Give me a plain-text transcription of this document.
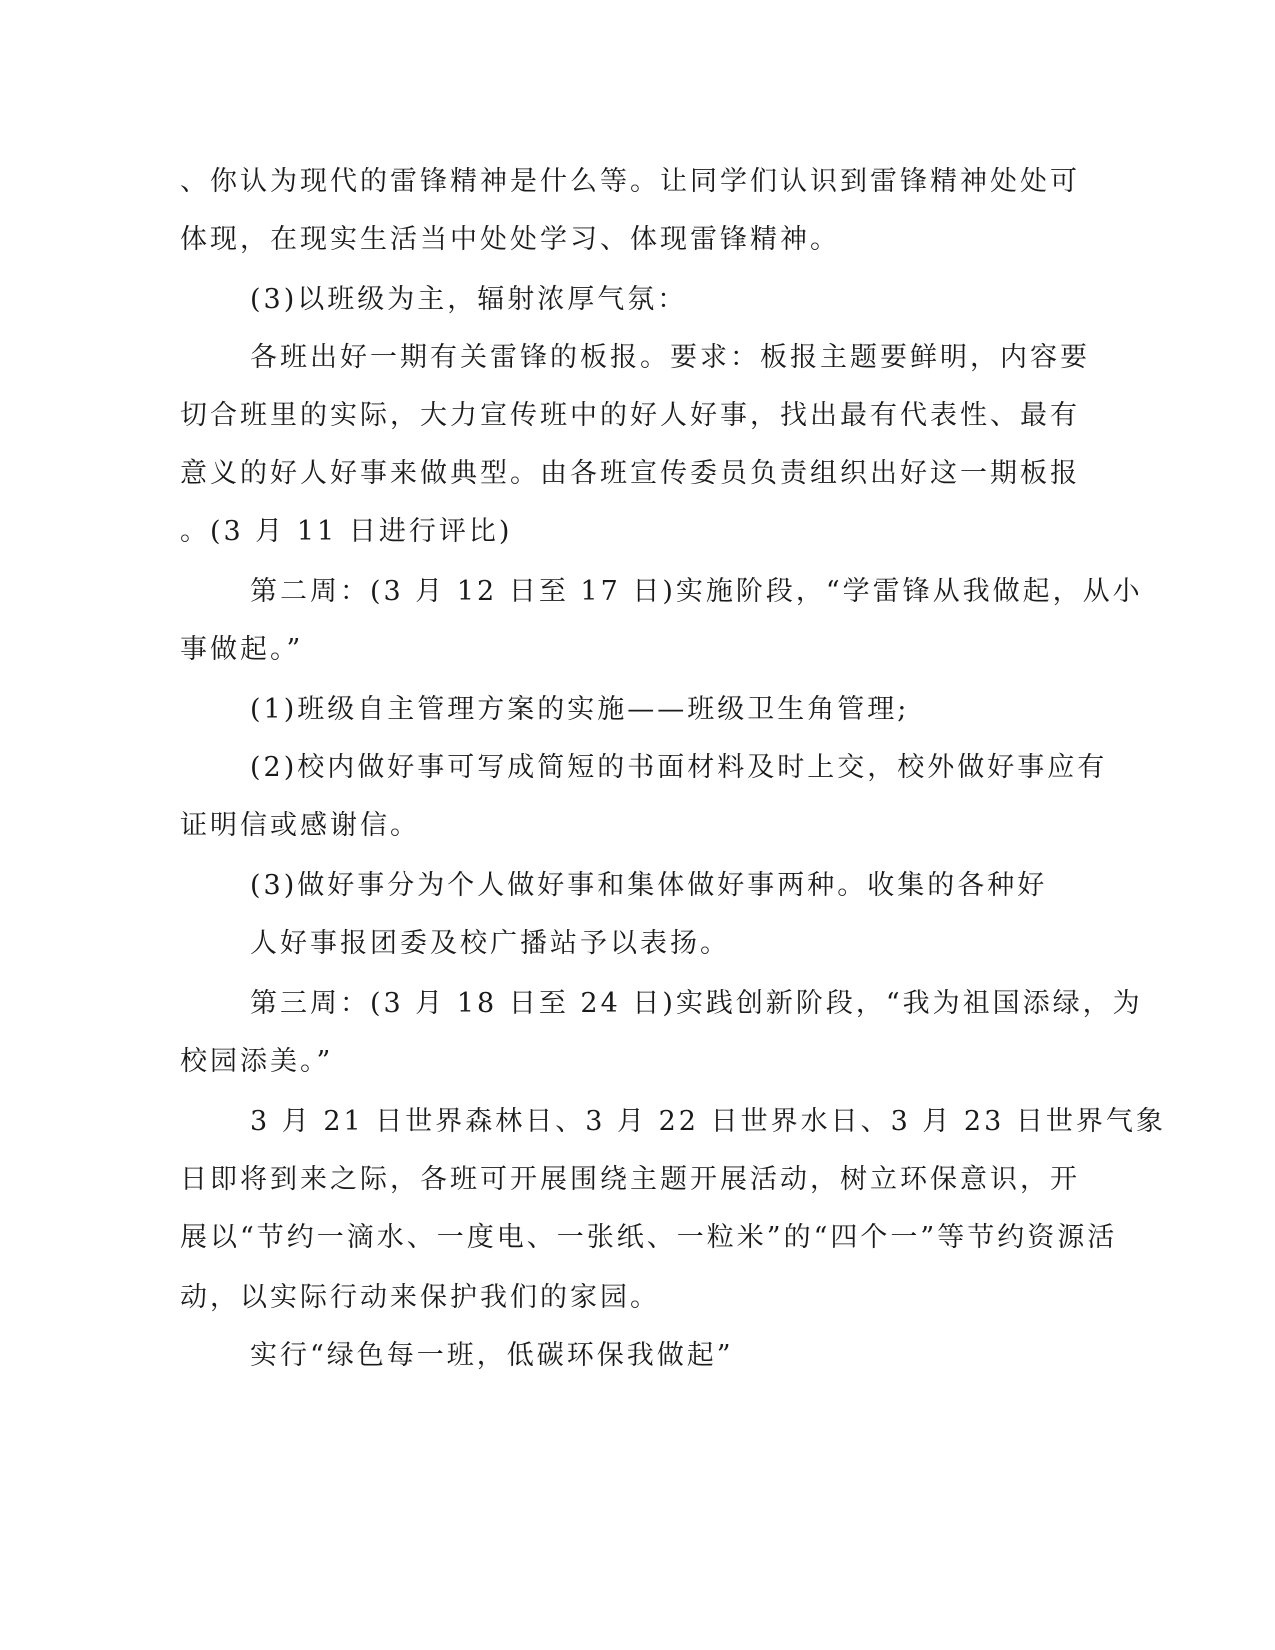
、你认为现代的雷锋精神是什么等。让同学们认识到雷锋精神处处可
体现，在现实生活当中处处学习、体现雷锋精神。
(3)以班级为主，辐射浓厚气氛：
各班出好一期有关雷锋的板报。要求：板报主题要鲜明，内容要
切合班里的实际，大力宣传班中的好人好事，找出最有代表性、最有
意义的好人好事来做典型。由各班宣传委员负责组织出好这一期板报
。(3 月 11 日进行评比)
第二周：(3 月 12 日至 17 日)实施阶段，“学雷锋从我做起，从小
事做起。”
(1)班级自主管理方案的实施——班级卫生角管理;
(2)校内做好事可写成简短的书面材料及时上交，校外做好事应有
证明信或感谢信。
(3)做好事分为个人做好事和集体做好事两种。收集的各种好
人好事报团委及校广播站予以表扬。
第三周：(3 月 18 日至 24 日)实践创新阶段，“我为祖国添绿，为
校园添美。”
3 月 21 日世界森林日、3 月 22 日世界水日、3 月 23 日世界气象
日即将到来之际，各班可开展围绕主题开展活动，树立环保意识，开
展以“节约一滴水、一度电、一张纸、一粒米”的“四个一”等节约资源活
动，以实际行动来保护我们的家园。
实行“绿色每一班，低碳环保我做起”
